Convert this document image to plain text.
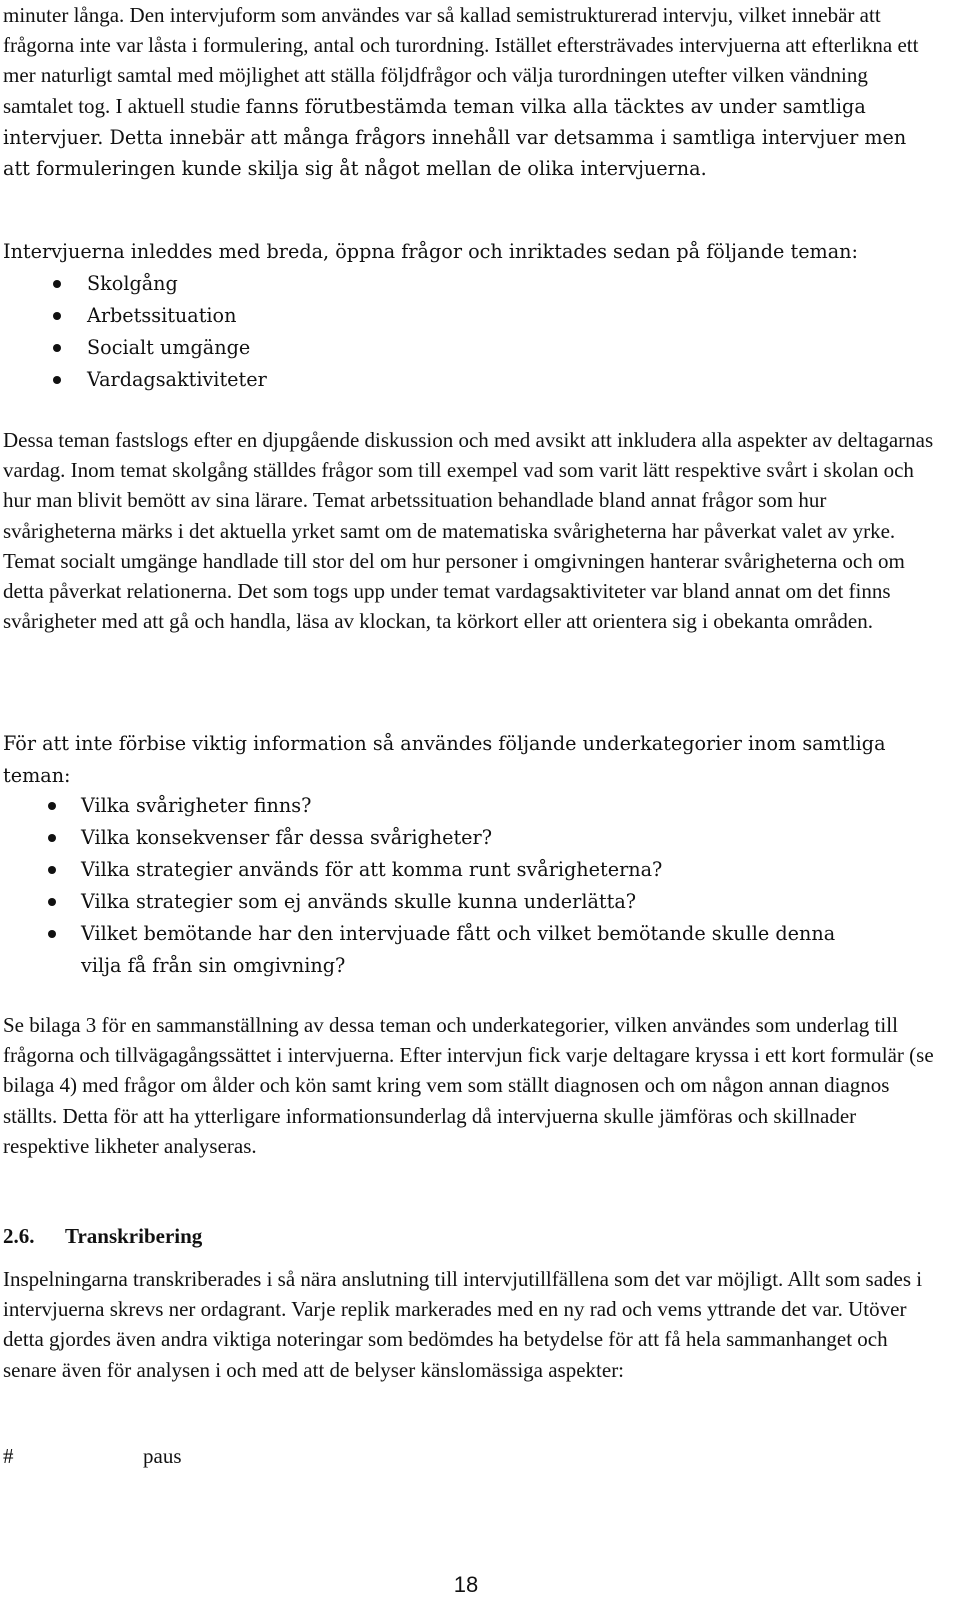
minuter långa. Den intervjuform som användes var så kallad semistrukturerad intervju, vilket innebär att frågorna inte var låsta i formulering, antal och turordning. Istället eftersträvades intervjuerna att efterlikna ett mer naturligt samtal med möjlighet att ställa följdfrågor och välja turordningen utefter vilken vändning samtalet tog. I aktuell studie fanns förutbestämda teman vilka alla täcktes av under samtliga intervjuer. Detta innebär att många frågors innehåll var detsamma i samtliga intervjuer men att formuleringen kunde skilja sig åt något mellan de olika intervjuerna.

Intervjuerna inleddes med breda, öppna frågor och inriktades sedan på följande teman:

Skolgång
Arbetssituation
Socialt umgänge
Vardagsaktiviteter

Dessa teman fastslogs efter en djupgående diskussion och med avsikt att inkludera alla aspekter av deltagarnas vardag. Inom temat skolgång ställdes frågor som till exempel vad som varit lätt respektive svårt i skolan och hur man blivit bemött av sina lärare. Temat arbetssituation behandlade bland annat frågor som hur svårigheterna märks i det aktuella yrket samt om de matematiska svårigheterna har påverkat valet av yrke. Temat socialt umgänge handlade till stor del om hur personer i omgivningen hanterar svårigheterna och om detta påverkat relationerna. Det som togs upp under temat vardagsaktiviteter var bland annat om det finns svårigheter med att gå och handla, läsa av klockan, ta körkort eller att orientera sig i obekanta områden.

För att inte förbise viktig information så användes följande underkategorier inom samtliga teman:

Vilka svårigheter finns?
Vilka konsekvenser får dessa svårigheter?
Vilka strategier används för att komma runt svårigheterna?
Vilka strategier som ej används skulle kunna underlätta?
Vilket bemötande har den intervjuade fått och vilket bemötande skulle denna vilja få från sin omgivning?

Se bilaga 3 för en sammanställning av dessa teman och underkategorier, vilken användes som underlag till frågorna och tillvägagångssättet i intervjuerna. Efter intervjun fick varje deltagare kryssa i ett kort formulär (se bilaga 4) med frågor om ålder och kön samt kring vem som ställt diagnosen och om någon annan diagnos ställts. Detta för att ha ytterligare informationsunderlag då intervjuerna skulle jämföras och skillnader respektive likheter analyseras.

2.6. Transkribering

Inspelningarna transkriberades i så nära anslutning till intervjutillfällena som det var möjligt. Allt som sades i intervjuerna skrevs ner ordagrant. Varje replik markerades med en ny rad och vems yttrande det var. Utöver detta gjordes även andra viktiga noteringar som bedömdes ha betydelse för att få hela sammanhanget och senare även för analysen i och med att de belyser känslomässiga aspekter:

#	paus
18
